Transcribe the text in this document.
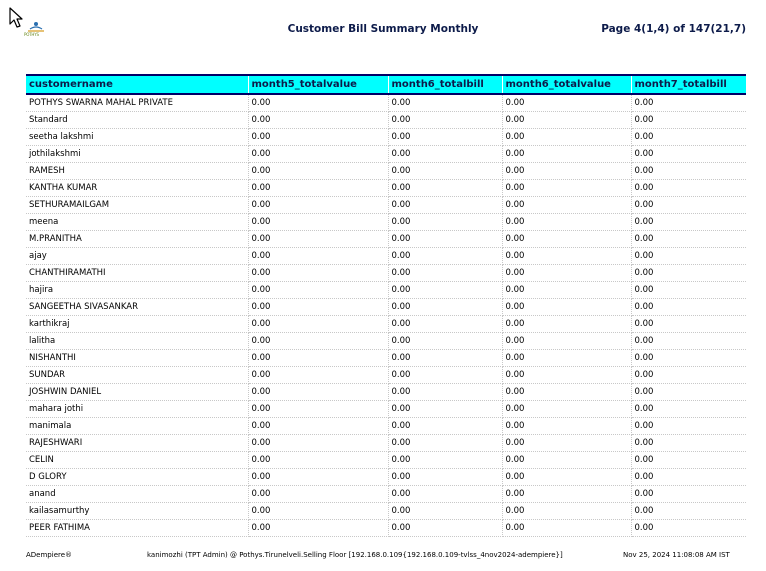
POTHYS	Customer Bill Summary Monthly	Page 4(1,4) of 147(21,7)
customername	month5_totalvalue	month6_totalbill	month6_totalvalue	month7_totalbill
POTHYS SWARNA MAHAL PRIVATE	0.00	0.00	0.00	0.00
Standard	0.00	0.00	0.00	0.00
seetha lakshmi	0.00	0.00	0.00	0.00
jothilakshmi	0.00	0.00	0.00	0.00
RAMESH	0.00	0.00	0.00	0.00
KANTHA KUMAR	0.00	0.00	0.00	0.00
SETHURAMAILGAM	0.00	0.00	0.00	0.00
meena	0.00	0.00	0.00	0.00
M.PRANITHA	0.00	0.00	0.00	0.00
ajay	0.00	0.00	0.00	0.00
CHANTHIRAMATHI	0.00	0.00	0.00	0.00
hajira	0.00	0.00	0.00	0.00
SANGEETHA SIVASANKAR	0.00	0.00	0.00	0.00
karthikraj	0.00	0.00	0.00	0.00
lalitha	0.00	0.00	0.00	0.00
NISHANTHI	0.00	0.00	0.00	0.00
SUNDAR	0.00	0.00	0.00	0.00
JOSHWIN DANIEL	0.00	0.00	0.00	0.00
mahara jothi	0.00	0.00	0.00	0.00
manimala	0.00	0.00	0.00	0.00
RAJESHWARI	0.00	0.00	0.00	0.00
CELIN	0.00	0.00	0.00	0.00
D GLORY	0.00	0.00	0.00	0.00
anand	0.00	0.00	0.00	0.00
kailasamurthy	0.00	0.00	0.00	0.00
PEER FATHIMA	0.00	0.00	0.00	0.00
ADempiere®	kanimozhi (TPT Admin) @ Pothys.Tirunelveli.Selling Floor [192.168.0.109{192.168.0.109-tvlss_4nov2024-adempiere}]	Nov 25, 2024 11:08:08 AM IST
